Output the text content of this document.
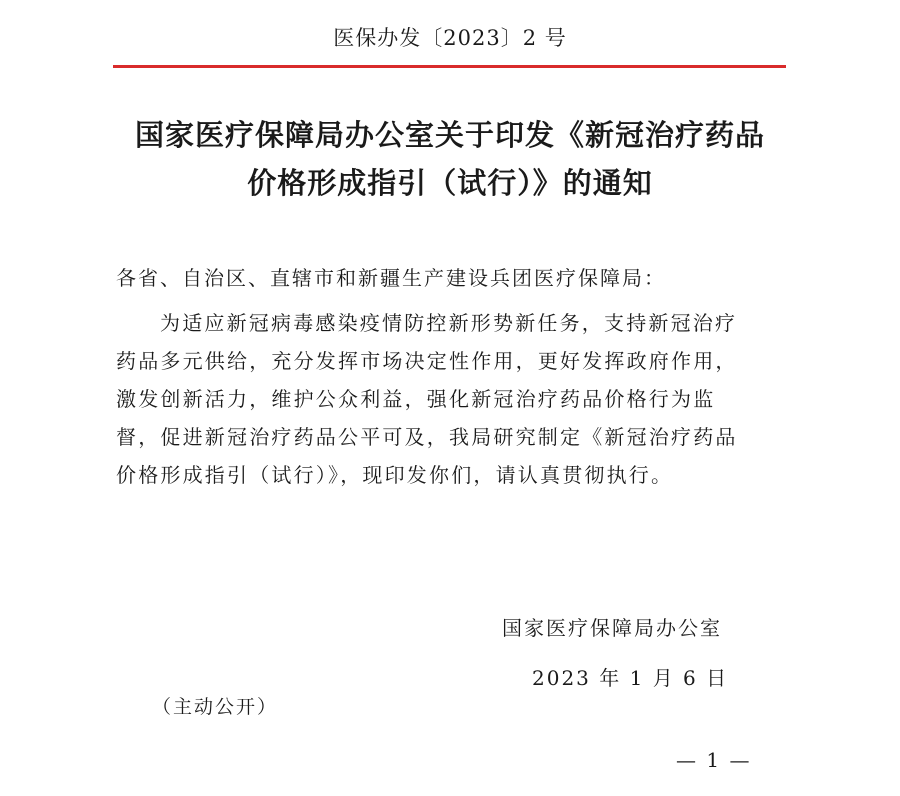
医保办发〔2023〕2 号
国家医疗保障局办公室关于印发《新冠治疗药品
价格形成指引（试行）》的通知
各省、自治区、直辖市和新疆生产建设兵团医疗保障局：
为适应新冠病毒感染疫情防控新形势新任务，支持新冠治疗
药品多元供给，充分发挥市场决定性作用，更好发挥政府作用，
激发创新活力，维护公众利益，强化新冠治疗药品价格行为监
督，促进新冠治疗药品公平可及，我局研究制定《新冠治疗药品
价格形成指引（试行）》，现印发你们，请认真贯彻执行。
国家医疗保障局办公室
2023 年 1 月 6 日
（主动公开）
— 1 —
